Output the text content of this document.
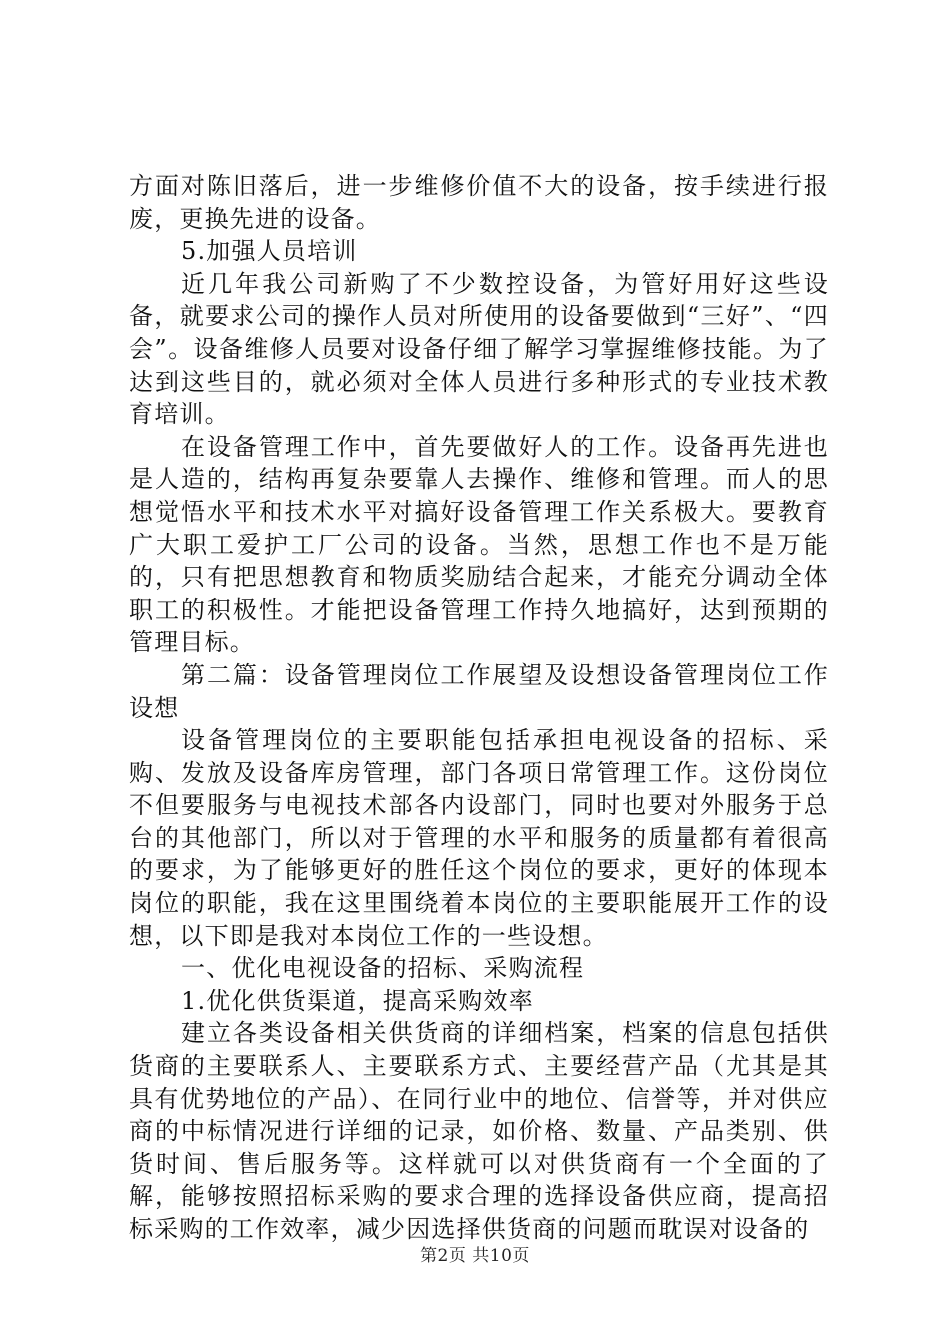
方面对陈旧落后，进一步维修价值不大的设备，按手续进行报废，更换先进的设备。

5.加强人员培训

近几年我公司新购了不少数控设备，为管好用好这些设备，就要求公司的操作人员对所使用的设备要做到“三好”、“四会”。设备维修人员要对设备仔细了解学习掌握维修技能。为了达到这些目的，就必须对全体人员进行多种形式的专业技术教育培训。

在设备管理工作中，首先要做好人的工作。设备再先进也是人造的，结构再复杂要靠人去操作、维修和管理。而人的思想觉悟水平和技术水平对搞好设备管理工作关系极大。要教育广大职工爱护工厂公司的设备。当然，思想工作也不是万能的，只有把思想教育和物质奖励结合起来，才能充分调动全体职工的积极性。才能把设备管理工作持久地搞好，达到预期的管理目标。

第二篇：设备管理岗位工作展望及设想设备管理岗位工作设想

设备管理岗位的主要职能包括承担电视设备的招标、采购、发放及设备库房管理，部门各项日常管理工作。这份岗位不但要服务与电视技术部各内设部门，同时也要对外服务于总台的其他部门，所以对于管理的水平和服务的质量都有着很高的要求，为了能够更好的胜任这个岗位的要求，更好的体现本岗位的职能，我在这里围绕着本岗位的主要职能展开工作的设想，以下即是我对本岗位工作的一些设想。

一、优化电视设备的招标、采购流程

1.优化供货渠道，提高采购效率

建立各类设备相关供货商的详细档案，档案的信息包括供货商的主要联系人、主要联系方式、主要经营产品（尤其是其具有优势地位的产品）、在同行业中的地位、信誉等，并对供应商的中标情况进行详细的记录，如价格、数量、产品类别、供货时间、售后服务等。这样就可以对供货商有一个全面的了解，能够按照招标采购的要求合理的选择设备供应商，提高招标采购的工作效率，减少因选择供货商的问题而耽误对设备的

第2页 共10页
